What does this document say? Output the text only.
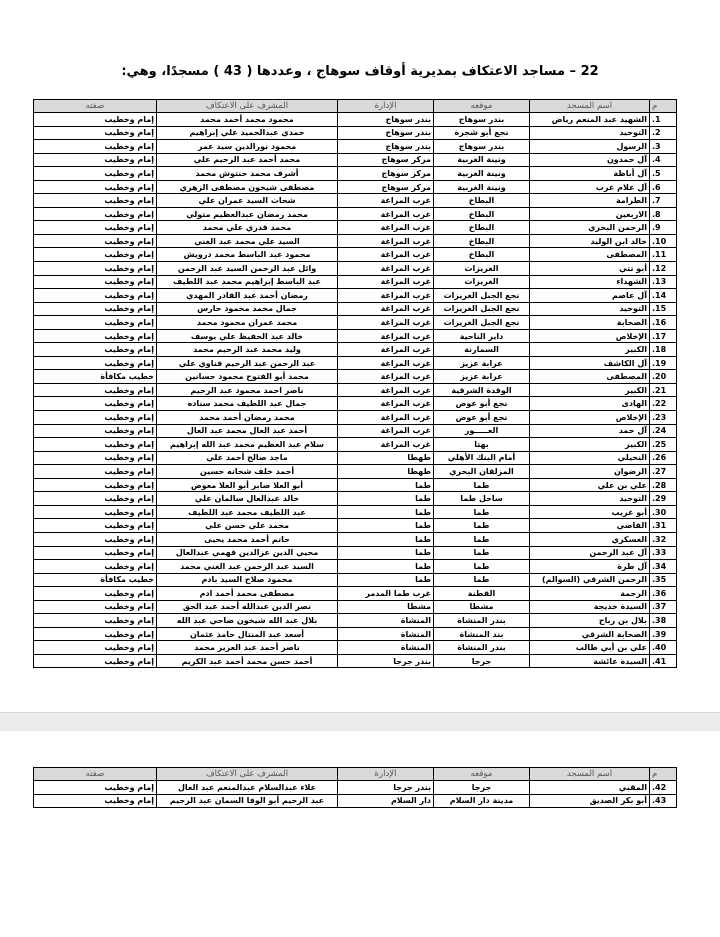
22 – مساجد الاعتكاف بمديرية أوقاف سوهاج ، وعددها ( 43 ) مسجدًا، وهي:
م	اسم المسجد	موقعه	الإدارة	المشرف على الاعتكاف	صفته
1.	الشهيد عبد المنعم رياض	بندر سوهاج	بندر سوهاج	محمود محمد أحمد محمد	إمام وخطيب
2.	التوحيد	نجع أبو شجرة	بندر سوهاج	حمدي عبدالحميد علي إبراهيم	إمام وخطيب
3.	الرسول	بندر سوهاج	بندر سوهاج	محمود نورالدين سيد عمر	إمام وخطيب
4.	آل حمدون	ونينة الغربية	مركز سوهاج	محمد أحمد عبد الرحيم علي	إمام وخطيب
5.	آل أباظة	ونينة الغربية	مركز سوهاج	أشرف محمد حنتوش محمد	إمام وخطيب
6.	آل علام غرب	ونينة الغربية	مركز سوهاج	مصطفى شيخون مصطفى الزهري	إمام وخطيب
7.	الطرامة	البطاخ	غرب المراغة	شحات السيد عمران علي	إمام وخطيب
8.	الاربعين	البطاخ	غرب المراغة	محمد رمضان عبدالعظيم متولي	إمام وخطيب
9.	الرحمن البحري	البطاخ	غرب المراغة	محمد قدري علي محمد	إمام وخطيب
10.	خالد ابن الوليد	البطاخ	غرب المراغة	السيد علي محمد عبد الغني	إمام وخطيب
11.	المصطفى	البطاخ	غرب المراغة	محمود عبد الباسط محمد درويش	إمام وخطيب
12.	أبو تتي	الغريزات	غرب المراغة	وائل عبد الرحمن السيد عبد الرحمن	إمام وخطيب
13.	الشهداء	الغريزات	غرب المراغة	عبد الباسط إبراهيم محمد عبد اللطيف	إمام وخطيب
14.	آل عاصم	نجع الجبل الغريزات	غرب المراغة	رمضان أحمد عبد القادر المهدي	إمام وخطيب
15.	التوحيد	نجع الجبل الغريزات	غرب المراغة	جمال محمد محمود حارس	إمام وخطيب
16.	الصحابة	نجع الجبل الغريزات	غرب المراغة	محمد عمران محمود محمد	إمام وخطيب
17.	الإخلاص	داير الناحية	غرب المراغة	خالد عبد الحفيظ علي يوسف	إمام وخطيب
18.	الكبير	السمارنة	غرب المراغة	وليد محمد عبد الرحيم محمد	إمام وخطيب
19.	آل الكاشف	عرابة عزيز	غرب المراغة	عبد الرحمن عبد الرحيم قناوي علي	إمام وخطيب
20.	المصطفى	عرابة عزيز	غرب المراغة	محمد أبو الفتوح محمود حسانين	خطيب مكافأة
21.	الكبير	الوقدة الشرقية	غرب المراغة	ناصر احمد محمود عبد الرحيم	إمام وخطيب
22.	الهادى	نجع أبو عوض	غرب المراغة	جمال عبد اللطيف محمد سناده	إمام وخطيب
23.	الإخلاص	نجع أبو عوض	غرب المراغة	محمد رمضان أحمد محمد	إمام وخطيب
24.	آل حمد	العـــــور	غرب المراغة	أحمد عبد العال محمد عبد العال	إمام وخطيب
25.	الكبير	بهتا	غرب المراغة	سلام عبد العظيم محمد عبد الله إبراهيم	إمام وخطيب
26.	النخيلي	أمام البنك الأهلي	طهطا	ماجد صالح أحمد علي	إمام وخطيب
27.	الرضوان	المزلقان البحري	طهطا	أحمد خلف شحاته حسين	إمام وخطيب
28.	علي بن علي	طما	طما	أبو العلا صابر أبو العلا معوض	إمام وخطيب
29.	التوحيد	ساحل طما	طما	خالد عبدالعال سالمان علي	إمام وخطيب
30.	أبو غريب	طما	طما	عبد اللطيف محمد عبد اللطيف	إمام وخطيب
31.	القاضي	طما	طما	محمد علي حسن علي	إمام وخطيب
32.	العسكري	طما	طما	حاتم أحمد محمد يحيى	إمام وخطيب
33.	آل عبد الرحمن	طما	طما	محيي الدين عزالدين فهمي عبدالعال	إمام وخطيب
34.	آل طرة	طما	طما	السيد عبد الرحمن عبد الغني محمد	إمام وخطيب
35.	الرحمن الشرقي (السوالم)	طما	طما	محمود صلاح السيد بادم	خطيب مكافأة
36.	الرحمة	القطنة	غرب طما المدمر	مصطفى محمد أحمد ادم	إمام وخطيب
37.	السيدة خديجة	مشطا	مشطا	نصر الدين عبدالله أحمد عبد الحق	إمام وخطيب
38.	بلال بن رباح	بندر المنشاة	المنشاة	بلال عبد الله شيخون ضاحي عبد الله	إمام وخطيب
39.	الصحابة الشرقي	بند المنشاة	المنشاة	أسعد عبد المنتال حامد عثمان	إمام وخطيب
40.	علي بن أبي طالب	بندر المنشاة	المنشاة	ناصر أحمد عبد العزيز محمد	إمام وخطيب
41.	السيدة عائشة	جرجا	بندر جرجا	أحمد حسن محمد أحمد عبد الكريم	إمام وخطيب
م	اسم المسجد	موقعه	الإدارة	المشرف على الاعتكاف	صفته
42.	المقبي	جرجا	بندر جرجا	علاء عبدالسلام عبدالمنعم عبد العال	إمام وخطيب
43.	أبو بكر الصديق	مدينة دار السلام	دار السلام	عبد الرحيم أبو الوفا السمان عبد الرحيم	إمام وخطيب
